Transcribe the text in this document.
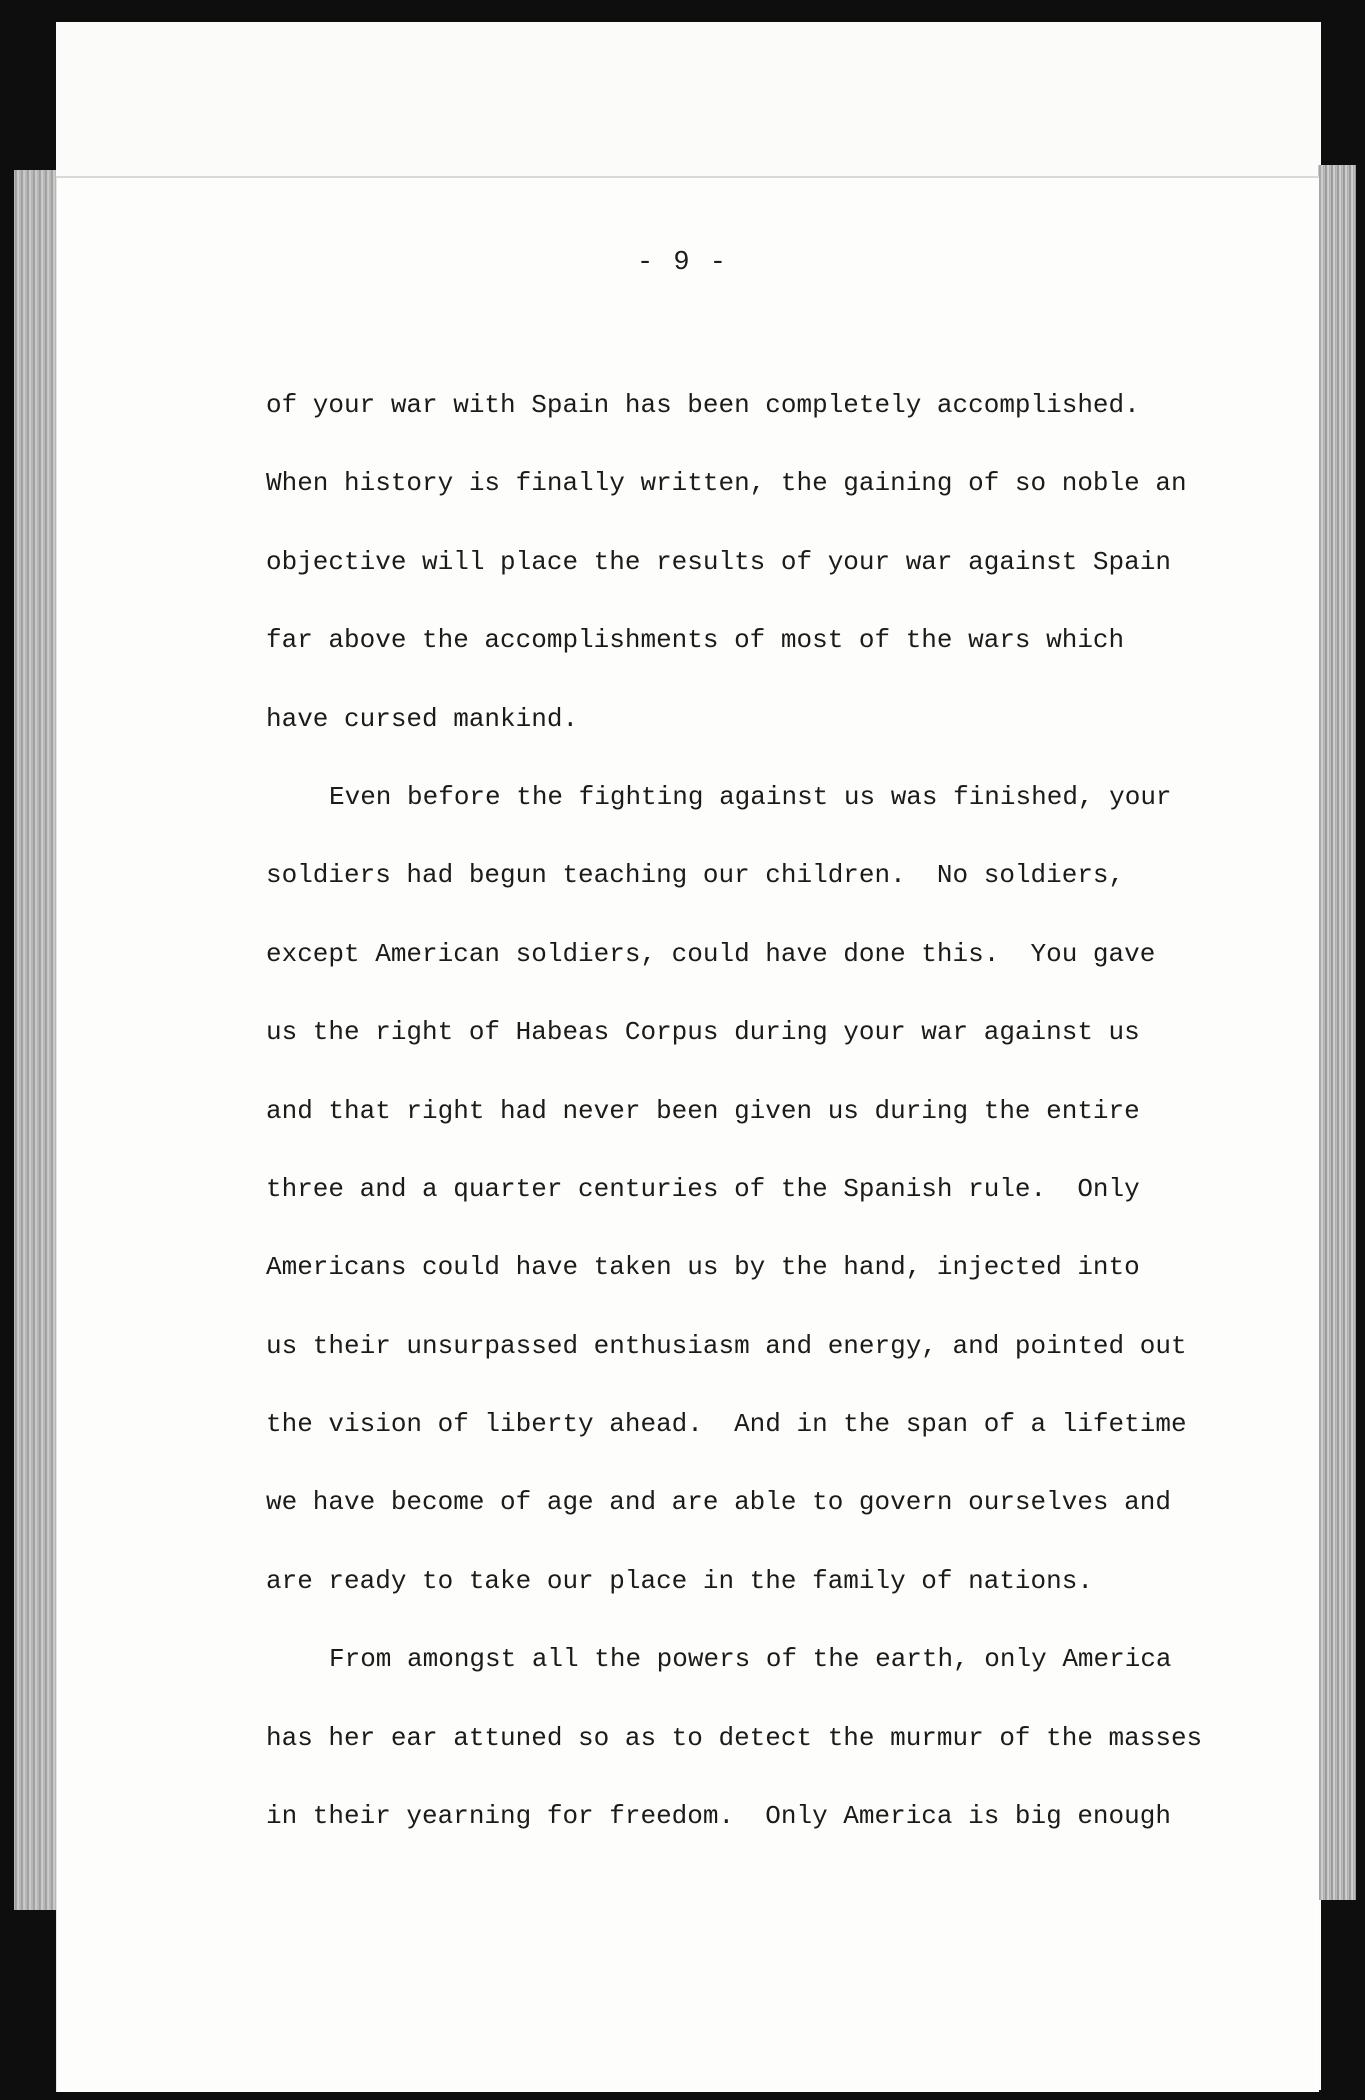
- 9 -
of your war with Spain has been completely accomplished.
When history is finally written, the gaining of so noble an
objective will place the results of your war against Spain
far above the accomplishments of most of the wars which
have cursed mankind.
Even before the fighting against us was finished, your
soldiers had begun teaching our children.  No soldiers,
except American soldiers, could have done this.  You gave
us the right of Habeas Corpus during your war against us
and that right had never been given us during the entire
three and a quarter centuries of the Spanish rule.  Only
Americans could have taken us by the hand, injected into
us their unsurpassed enthusiasm and energy, and pointed out
the vision of liberty ahead.  And in the span of a lifetime
we have become of age and are able to govern ourselves and
are ready to take our place in the family of nations.
From amongst all the powers of the earth, only America
has her ear attuned so as to detect the murmur of the masses
in their yearning for freedom.  Only America is big enough
